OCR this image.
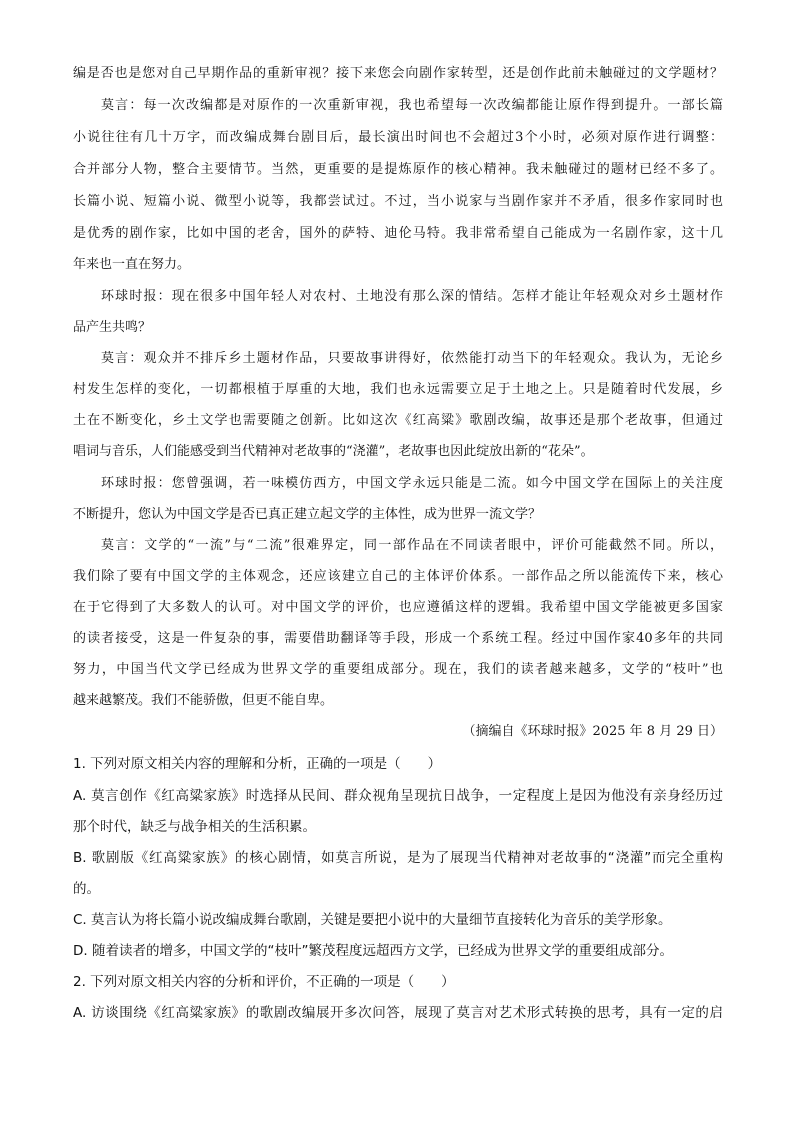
编是否也是您对自己早期作品的重新审视？接下来您会向剧作家转型，还是创作此前未触碰过的文学题材？
莫言：每一次改编都是对原作的一次重新审视，我也希望每一次改编都能让原作得到提升。一部长篇
小说往往有几十万字，而改编成舞台剧目后，最长演出时间也不会超过3个小时，必须对原作进行调整：
合并部分人物，整合主要情节。当然，更重要的是提炼原作的核心精神。我未触碰过的题材已经不多了。
长篇小说、短篇小说、微型小说等，我都尝试过。不过，当小说家与当剧作家并不矛盾，很多作家同时也
是优秀的剧作家，比如中国的老舍，国外的萨特、迪伦马特。我非常希望自己能成为一名剧作家，这十几
年来也一直在努力。
环球时报：现在很多中国年轻人对农村、土地没有那么深的情结。怎样才能让年轻观众对乡土题材作
品产生共鸣？
莫言：观众并不排斥乡土题材作品，只要故事讲得好，依然能打动当下的年轻观众。我认为，无论乡
村发生怎样的变化，一切都根植于厚重的大地，我们也永远需要立足于土地之上。只是随着时代发展，乡
土在不断变化，乡土文学也需要随之创新。比如这次《红高粱》歌剧改编，故事还是那个老故事，但通过
唱词与音乐，人们能感受到当代精神对老故事的“浇灌”，老故事也因此绽放出新的“花朵”。
环球时报：您曾强调，若一味模仿西方，中国文学永远只能是二流。如今中国文学在国际上的关注度
不断提升，您认为中国文学是否已真正建立起文学的主体性，成为世界一流文学？
莫言：文学的“一流”与“二流”很难界定，同一部作品在不同读者眼中，评价可能截然不同。所以，
我们除了要有中国文学的主体观念，还应该建立自己的主体评价体系。一部作品之所以能流传下来，核心
在于它得到了大多数人的认可。对中国文学的评价，也应遵循这样的逻辑。我希望中国文学能被更多国家
的读者接受，这是一件复杂的事，需要借助翻译等手段，形成一个系统工程。经过中国作家40多年的共同
努力，中国当代文学已经成为世界文学的重要组成部分。现在，我们的读者越来越多，文学的“枝叶”也
越来越繁茂。我们不能骄傲，但更不能自卑。
（摘编自《环球时报》2025 年 8 月 29 日）
1. 下列对原文相关内容的理解和分析，正确的一项是（　　）
A. 莫言创作《红高粱家族》时选择从民间、群众视角呈现抗日战争，一定程度上是因为他没有亲身经历过
那个时代，缺乏与战争相关的生活积累。
B. 歌剧版《红高粱家族》的核心剧情，如莫言所说，是为了展现当代精神对老故事的“浇灌”而完全重构
的。
C. 莫言认为将长篇小说改编成舞台歌剧，关键是要把小说中的大量细节直接转化为音乐的美学形象。
D. 随着读者的增多，中国文学的“枝叶”繁茂程度远超西方文学，已经成为世界文学的重要组成部分。
2. 下列对原文相关内容的分析和评价，不正确的一项是（　　）
A. 访谈围绕《红高粱家族》的歌剧改编展开多次问答，展现了莫言对艺术形式转换的思考，具有一定的启
